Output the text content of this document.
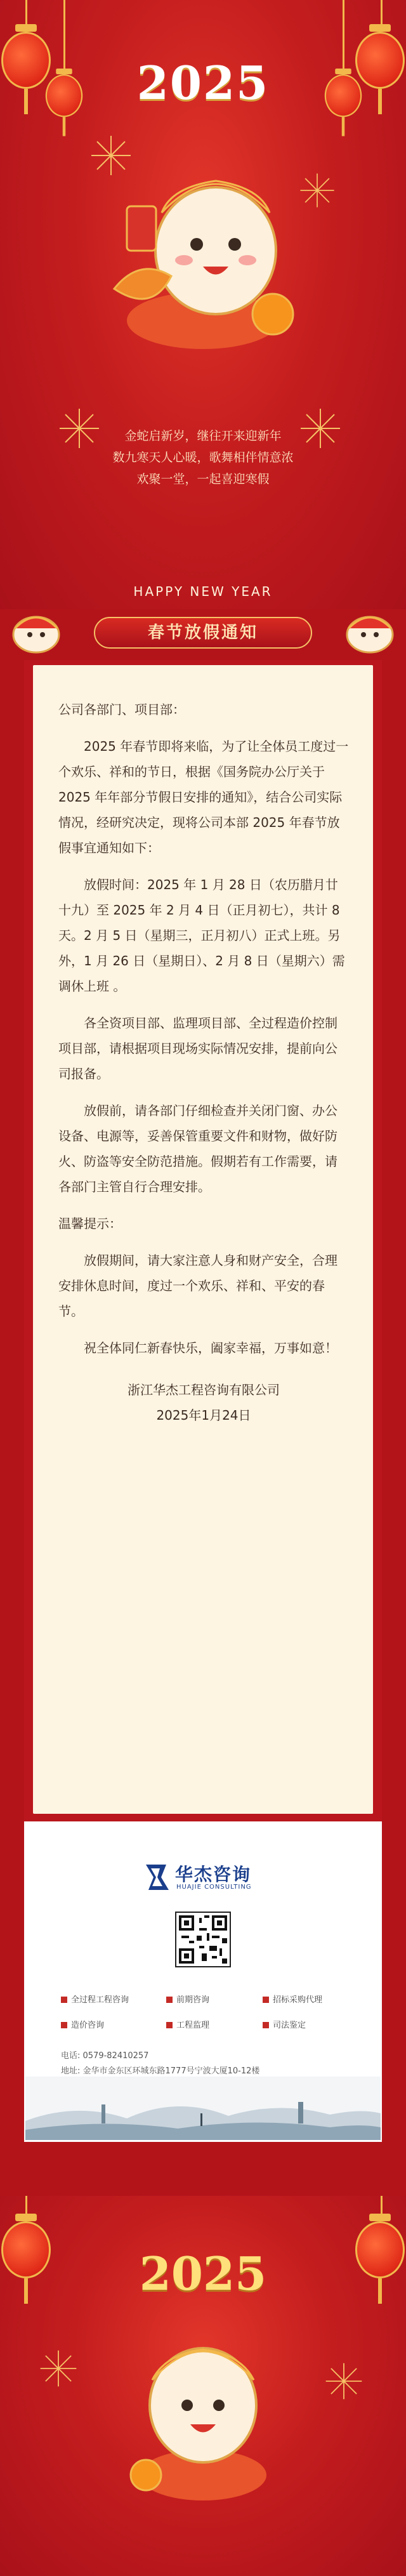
2025
金蛇启新岁，继往开来迎新年
数九寒天人心暖，歌舞相伴情意浓
欢聚一堂，一起喜迎寒假
HAPPY NEW YEAR
春节放假通知

公司各部门、项目部：

2025 年春节即将来临，为了让全体员工度过一个欢乐、祥和的节日，根据《国务院办公厅关于 2025 年年部分节假日安排的通知》，结合公司实际情况，经研究决定，现将公司本部 2025 年春节放假事宜通知如下：

放假时间：2025 年 1 月 28 日（农历腊月廿十九）至 2025 年 2 月 4 日（正月初七），共计 8 天。2 月 5 日（星期三，正月初八）正式上班。另外，1 月 26 日（星期日）、2 月 8 日（星期六）需调休上班 。

各全资项目部、监理项目部、全过程造价控制项目部，请根据项目现场实际情况安排，提前向公司报备。

放假前，请各部门仔细检查并关闭门窗、办公设备、电源等，妥善保管重要文件和财物，做好防火、防盗等安全防范措施。假期若有工作需要，请各部门主管自行合理安排。

温馨提示：

放假期间，请大家注意人身和财产安全，合理安排休息时间，度过一个欢乐、祥和、平安的春节。

祝全体同仁新春快乐，阖家幸福，万事如意！

浙江华杰工程咨询有限公司

2025年1月24日

华杰咨询
HUAJIE CONSULTING
全过程工程咨询	前期咨询	招标采购代理
造价咨询	工程监理	司法鉴定
电话: 0579-82410257
地址: 金华市金东区环城东路1777号宁波大厦10-12楼
2025
